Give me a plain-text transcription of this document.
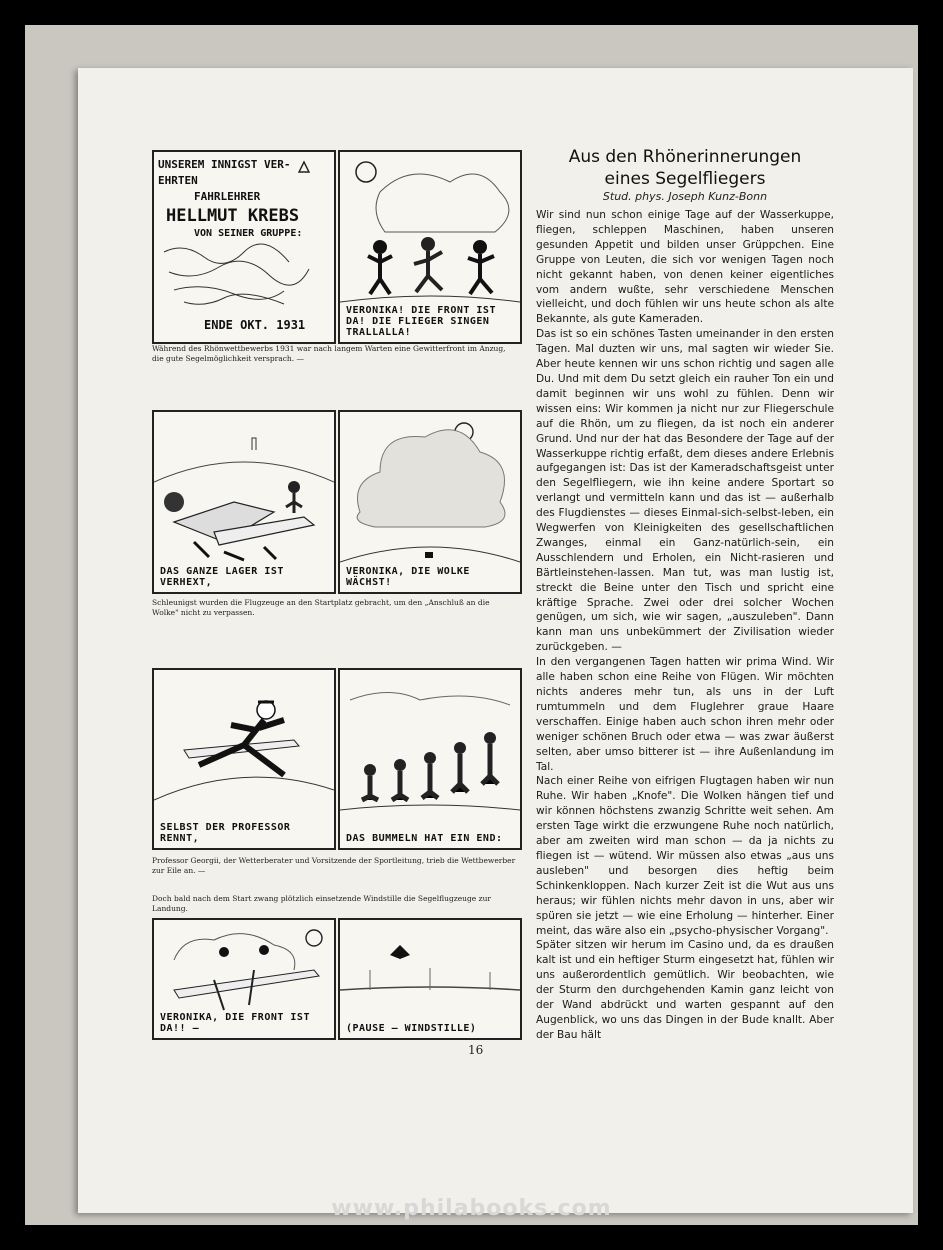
UNSEREM INNIGST VER-
EHRTEN
FAHRLEHRER
HELLMUT KREBS
VON SEINER GRUPPE:
ENDE OKT. 1931
VERONIKA! DIE FRONT IST DA! DIE FLIEGER SINGEN TRALLALLA!
Während des Rhönwettbewerbs 1931 war nach langem Warten eine Gewitterfront im Anzug, die gute Segelmöglichkeit versprach. —
DAS GANZE LAGER IST VERHEXT,
VERONIKA, DIE WOLKE WÄCHST!
Schleunigst wurden die Flugzeuge an den Startplatz gebracht, um den „Anschluß an die Wolke" nicht zu verpassen.
SELBST DER PROFESSOR RENNT,	DAS BUMMELN HAT EIN END:
Professor Georgii, der Wetterberater und Vorsitzende der Sportleitung, trieb die Wettbewerber zur Eile an. —
Doch bald nach dem Start zwang plötzlich einsetzende Windstille die Segelflugzeuge zur Landung.
VERONIKA, DIE FRONT IST DA!! —	(PAUSE — WINDSTILLE)
Aus den Rhönerinnerungen
eines Segelfliegers
Stud. phys. Joseph Kunz-Bonn

Wir sind nun schon einige Tage auf der Wasserkuppe, fliegen, schleppen Maschinen, haben unseren gesunden Appetit und bilden unser Grüppchen. Eine Gruppe von Leuten, die sich vor wenigen Tagen noch nicht gekannt haben, von denen keiner eigentliches vom andern wußte, sehr verschiedene Menschen vielleicht, und doch fühlen wir uns heute schon als alte Bekannte, als gute Kameraden.

Das ist so ein schönes Tasten umeinander in den ersten Tagen. Mal duzten wir uns, mal sagten wir wieder Sie. Aber heute kennen wir uns schon richtig und sagen alle Du. Und mit dem Du setzt gleich ein rauher Ton ein und damit beginnen wir uns wohl zu fühlen. Denn wir wissen eins: Wir kommen ja nicht nur zur Fliegerschule auf die Rhön, um zu fliegen, da ist noch ein anderer Grund. Und nur der hat das Besondere der Tage auf der Wasserkuppe richtig erfaßt, dem dieses andere Erlebnis aufgegangen ist: Das ist der Kameradschaftsgeist unter den Segelfliegern, wie ihn keine andere Sportart so verlangt und vermitteln kann und das ist — außerhalb des Flugdienstes — dieses Einmal-sich-selbst-leben, ein Wegwerfen von Kleinigkeiten des gesellschaftlichen Zwanges, einmal ein Ganz-natürlich-sein, ein Ausschlendern und Erholen, ein Nicht-rasieren und Bärtleinstehen-lassen. Man tut, was man lustig ist, streckt die Beine unter den Tisch und spricht eine kräftige Sprache. Zwei oder drei solcher Wochen genügen, um sich, wie wir sagen, „auszuleben". Dann kann man uns unbekümmert der Zivilisation wieder zurückgeben. —

In den vergangenen Tagen hatten wir prima Wind. Wir alle haben schon eine Reihe von Flügen. Wir möchten nichts anderes mehr tun, als uns in der Luft rumtummeln und dem Fluglehrer graue Haare verschaffen. Einige haben auch schon ihren mehr oder weniger schönen Bruch oder etwa — was zwar äußerst selten, aber umso bitterer ist — ihre Außenlandung im Tal.

Nach einer Reihe von eifrigen Flugtagen haben wir nun Ruhe. Wir haben „Knofe". Die Wolken hängen tief und wir können höchstens zwanzig Schritte weit sehen. Am ersten Tage wirkt die erzwungene Ruhe noch natürlich, aber am zweiten wird man schon — da ja nichts zu fliegen ist — wütend. Wir müssen also etwas „aus uns ausleben" und besorgen dies heftig beim Schinkenkloppen. Nach kurzer Zeit ist die Wut aus uns heraus; wir fühlen nichts mehr davon in uns, aber wir spüren sie jetzt — wie eine Erholung — hinterher. Einer meint, das wäre also ein „psycho-physischer Vorgang".

Später sitzen wir herum im Casino und, da es draußen kalt ist und ein heftiger Sturm eingesetzt hat, fühlen wir uns außerordentlich gemütlich. Wir beobachten, wie der Sturm den durchgehenden Kamin ganz leicht von der Wand abdrückt und warten gespannt auf den Augenblick, wo uns das Dingen in der Bude knallt. Aber der Bau hält

16
www.philabooks.com
